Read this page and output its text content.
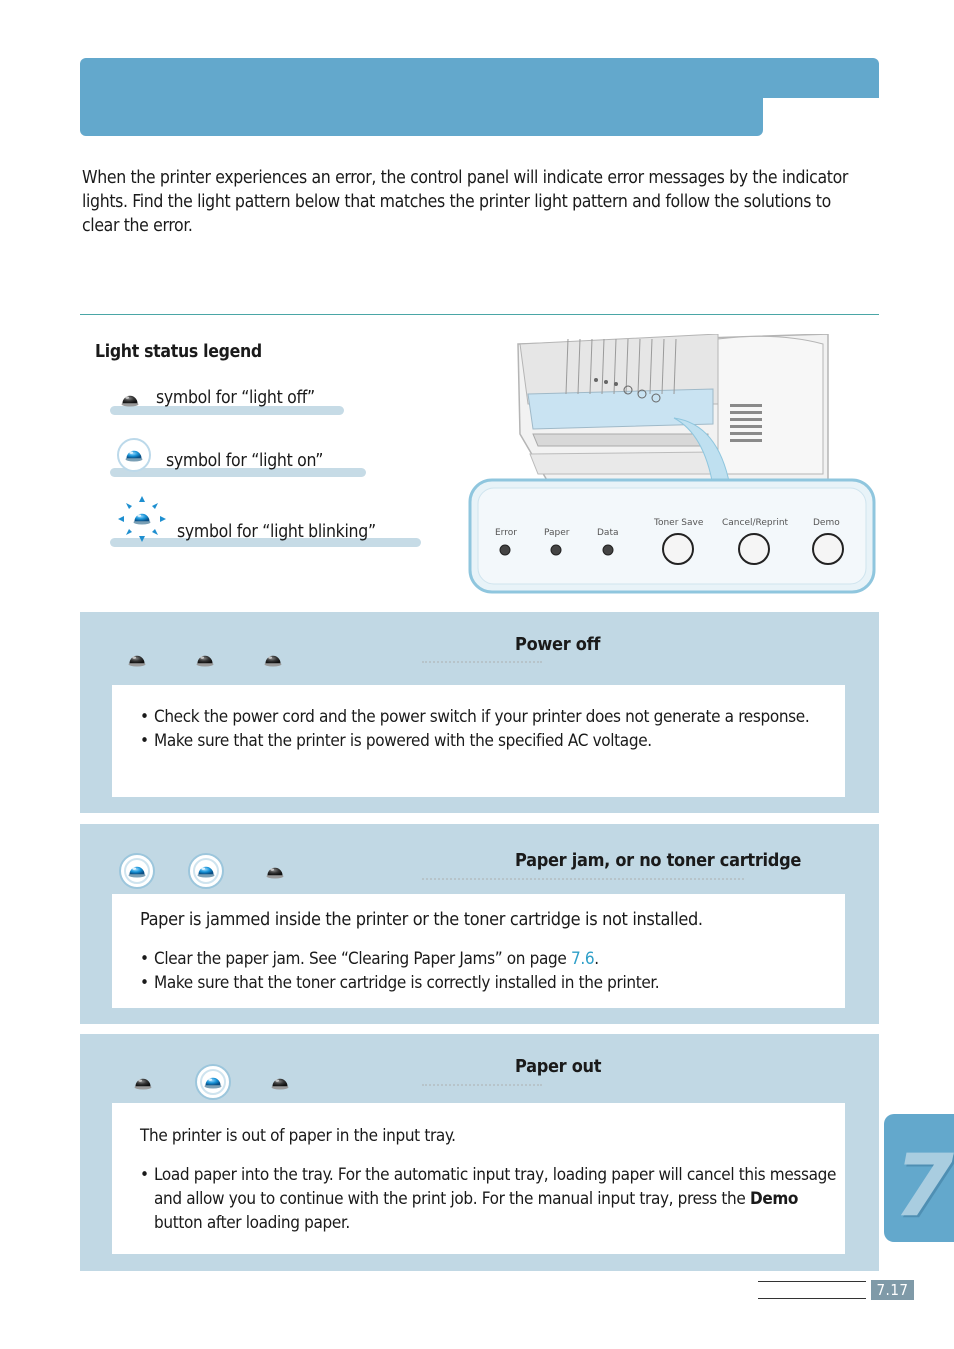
When the printer experiences an error, the control panel will indicate error messages by the indicator lights. Find the light pattern below that matches the printer light pattern and follow the solutions to clear the error.

Light status legend
symbol for “light off”
symbol for “light on”
symbol for “light blinking”	Error	Paper	Data
Toner Save Cancel/Reprint	Demo
Power off
• Check the power cord and the power switch if your printer does not generate a response.
• Make sure that the printer is powered with the specified AC voltage.
Paper jam, or no toner cartridge
Paper is jammed inside the printer or the toner cartridge is not installed.
• Clear the paper jam. See “Clearing Paper Jams” on page 7.6.
• Make sure that the toner cartridge is correctly installed in the printer.
Paper out
The printer is out of paper in the input tray.
• Load paper into the tray. For the automatic input tray, loading paper will cancel this message and allow you to continue with the print job. For the manual input tray, press the Demo button after loading paper.	7
7.17
